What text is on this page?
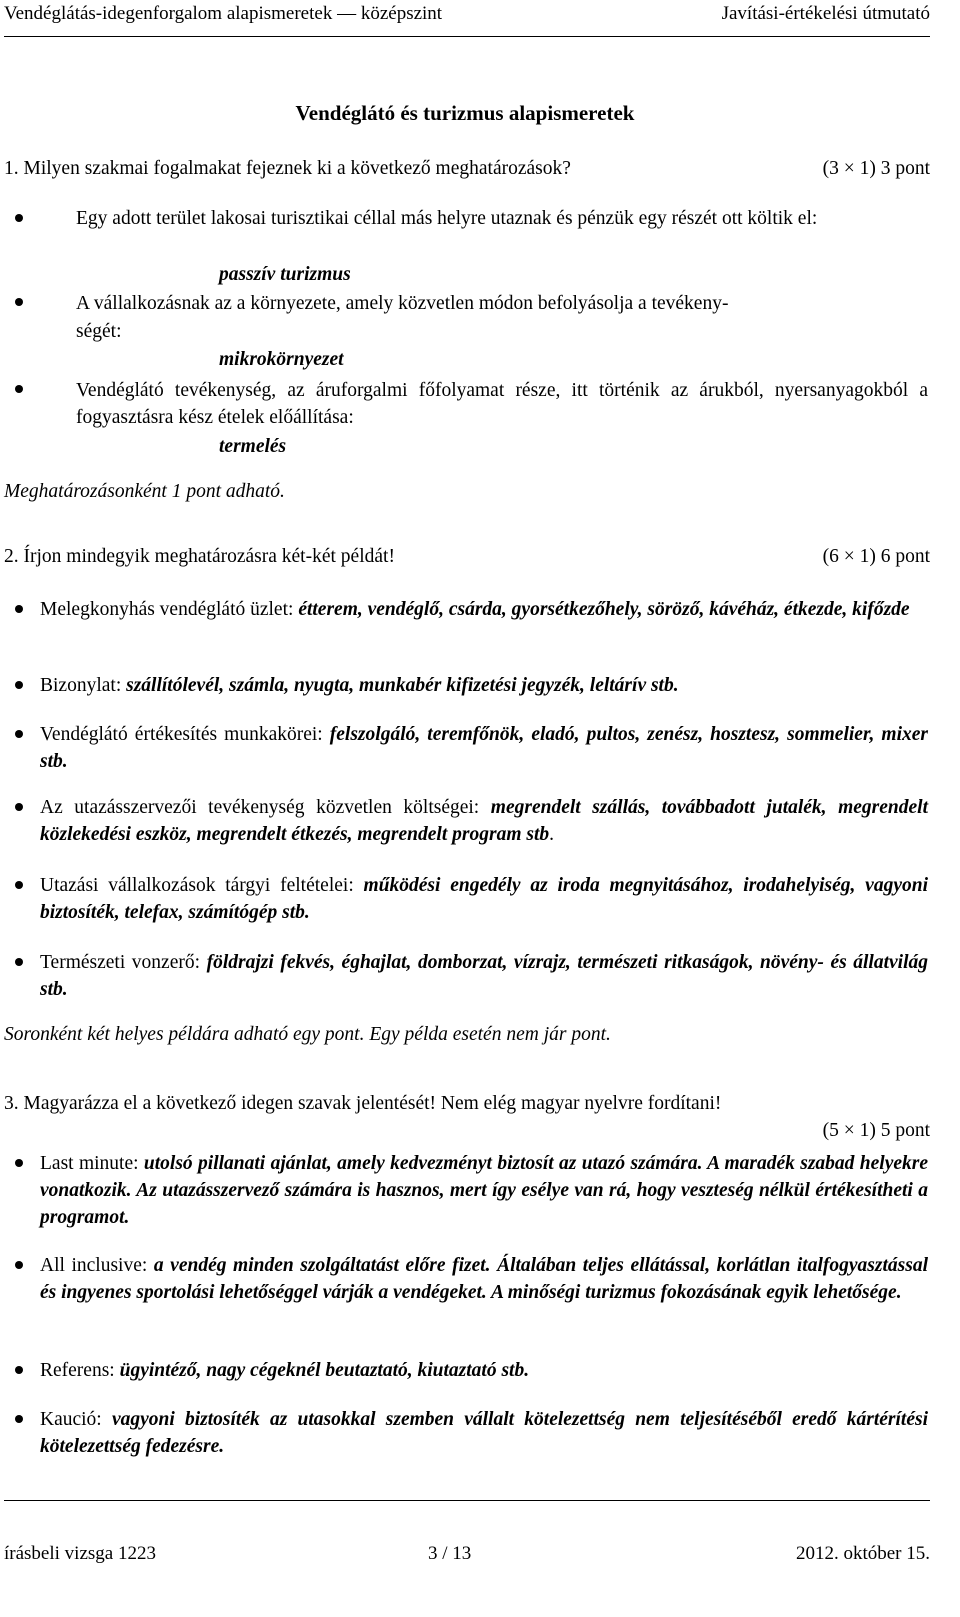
Vendéglátás-idegenforgalom alapismeretek — középszint	Javítási-értékelési útmutató
Vendéglátó és turizmus alapismeretek
1. Milyen szakmai fogalmakat fejeznek ki a következő meghatározások?	(3 × 1) 3 pont
Egy adott terület lakosai turisztikai céllal más helyre utaznak és pénzük egy részét ott költik el:
passzív turizmus
A vállalkozásnak az a környezete, amely közvetlen módon befolyásolja a tevékeny-
ségét:
mikrokörnyezet
Vendéglátó tevékenység, az áruforgalmi főfolyamat része, itt történik az árukból, nyersanyagokból a fogyasztásra kész ételek előállítása:
termelés
Meghatározásonként 1 pont adható.
2. Írjon mindegyik meghatározásra két-két példát!	(6 × 1) 6 pont
Melegkonyhás vendéglátó üzlet: étterem, vendéglő, csárda, gyorsétkezőhely, söröző, kávéház, étkezde, kifőzde
Bizonylat: szállítólevél, számla, nyugta, munkabér kifizetési jegyzék, leltárív stb.
Vendéglátó értékesítés munkakörei: felszolgáló, teremfőnök, eladó, pultos, zenész, hosztesz, sommelier, mixer stb.
Az utazásszervezői tevékenység közvetlen költségei: megrendelt szállás, továbbadott jutalék, megrendelt közlekedési eszköz, megrendelt étkezés, megrendelt program stb.
Utazási vállalkozások tárgyi feltételei: működési engedély az iroda megnyitásához, irodahelyiség, vagyoni biztosíték, telefax, számítógép stb.
Természeti vonzerő: földrajzi fekvés, éghajlat, domborzat, vízrajz, természeti ritkaságok, növény- és állatvilág stb.
Soronként két helyes példára adható egy pont. Egy példa esetén nem jár pont.
3. Magyarázza el a következő idegen szavak jelentését! Nem elég magyar nyelvre fordítani!
(5 × 1) 5 pont
Last minute: utolsó pillanati ajánlat, amely kedvezményt biztosít az utazó számára. A maradék szabad helyekre vonatkozik. Az utazásszervező számára is hasznos, mert így esélye van rá, hogy veszteség nélkül értékesítheti a programot.
All inclusive: a vendég minden szolgáltatást előre fizet. Általában teljes ellátással, korlátlan italfogyasztással és ingyenes sportolási lehetőséggel várják a vendégeket. A minőségi turizmus fokozásának egyik lehetősége.
Referens: ügyintéző, nagy cégeknél beutaztató, kiutaztató stb.
Kaució: vagyoni biztosíték az utasokkal szemben vállalt kötelezettség nem teljesítéséből eredő kártérítési kötelezettség fedezésre.
írásbeli vizsga 1223	3 / 13	2012. október 15.
